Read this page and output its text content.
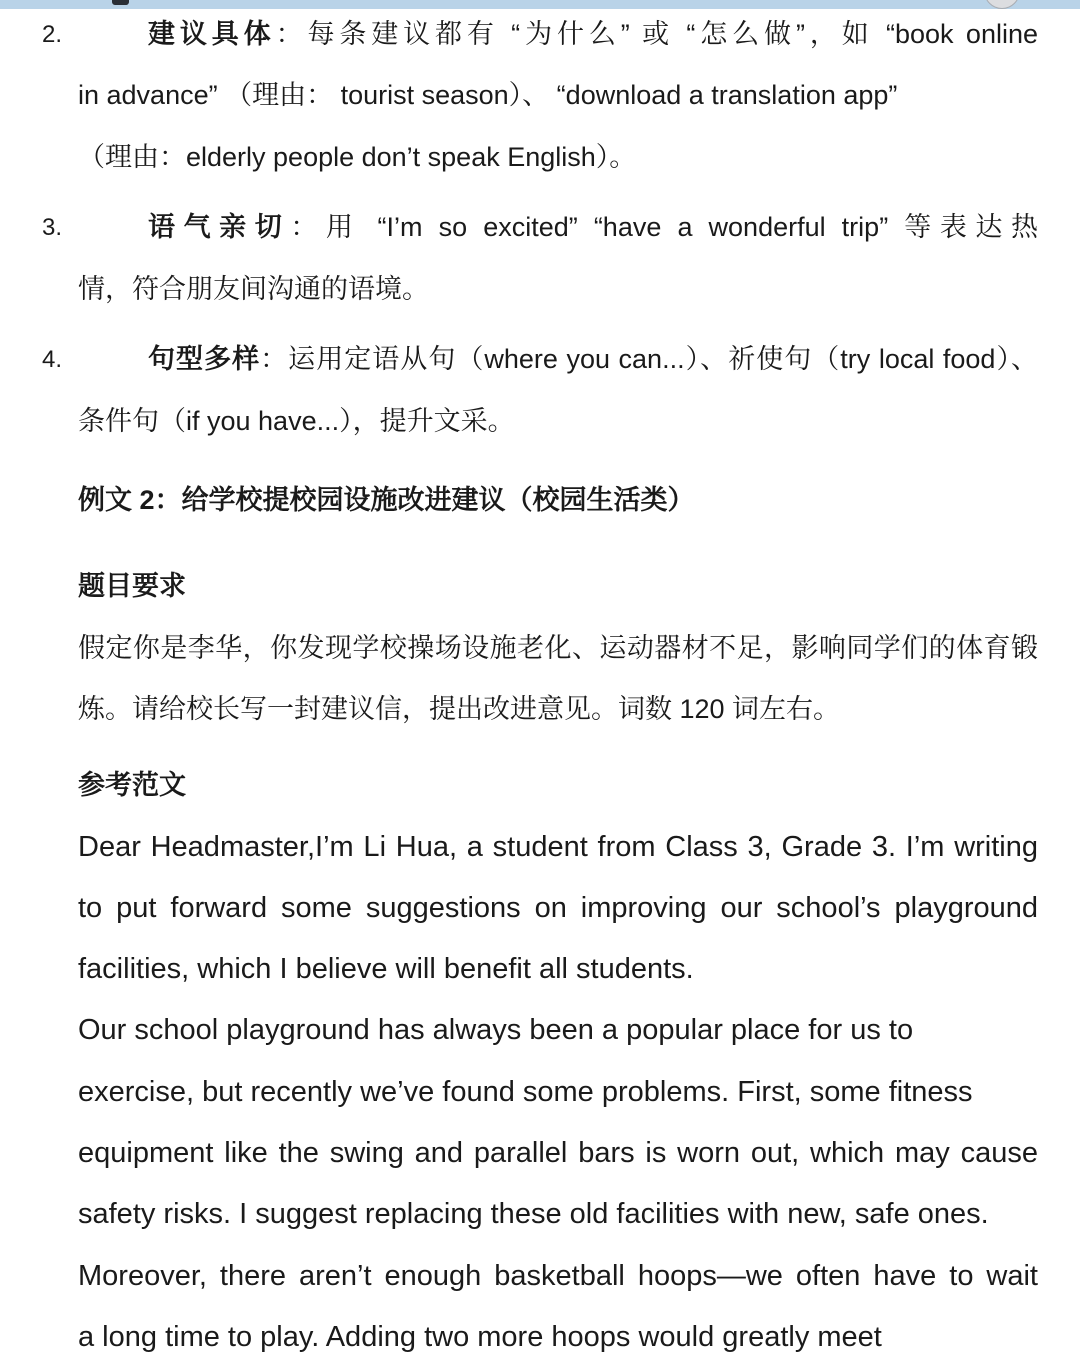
2.	建议具体：每条建议都有 “为什么” 或 “怎么做”，如 “book online
in advance” （理由： tourist season）、 “download a translation app”
（理由：elderly people don’t speak English）。
3.	语气亲切：用 “I’m so excited” “have a wonderful trip” 等表达热
情，符合朋友间沟通的语境。
4.	句型多样：运用定语从句（where you can...）、祈使句（try local food）、
条件句（if you have...），提升文采。
例文 2：给学校提校园设施改进建议（校园生活类）
题目要求
假定你是李华，你发现学校操场设施老化、运动器材不足，影响同学们的体育锻
炼。请给校长写一封建议信，提出改进意见。词数 120 词左右。
参考范文
Dear Headmaster,I’m Li Hua, a student from Class 3, Grade 3. I’m writing
to put forward some suggestions on improving our school’s playground
facilities, which I believe will benefit all students.
Our school playground has always been a popular place for us to
exercise, but recently we’ve found some problems. First, some fitness
equipment like the swing and parallel bars is worn out, which may cause
safety risks. I suggest replacing these old facilities with new, safe ones.
Moreover, there aren’t enough basketball hoops—we often have to wait
a long time to play. Adding two more hoops would greatly meet
